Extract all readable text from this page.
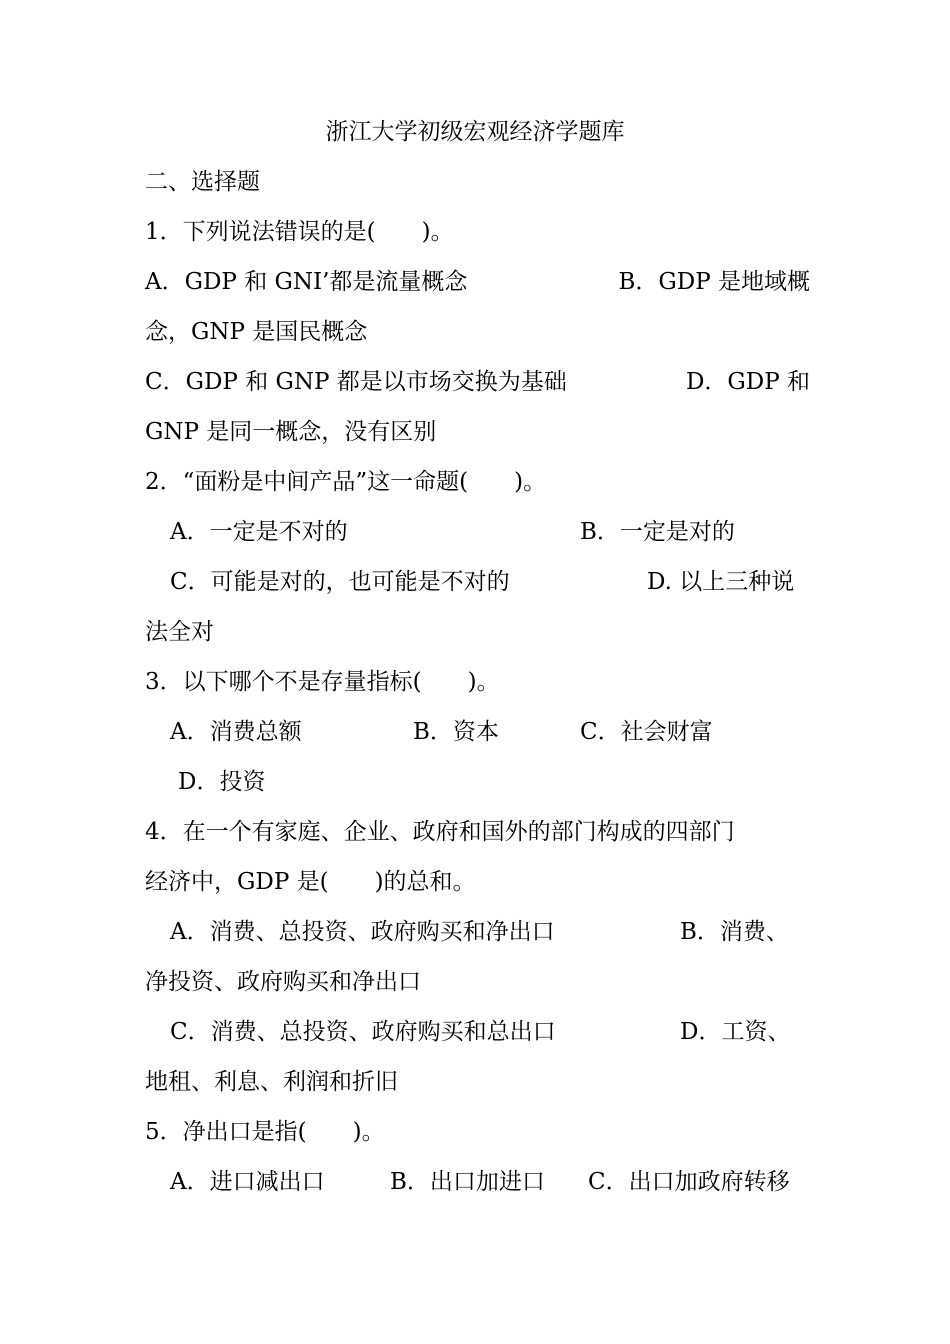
浙江大学初级宏观经济学题库
二、选择题
1．下列说法错误的是(　　)。
A．GDP 和 GNI’都是流量概念	B．GDP 是地域概
念，GNP 是国民概念
C．GDP 和 GNP 都是以市场交换为基础	D．GDP 和
GNP 是同一概念，没有区别
2．“面粉是中间产品”这一命题(　　)。
A．一定是不对的	B．一定是对的
C．可能是对的，也可能是不对的	D. 以上三种说
法全对
3．以下哪个不是存量指标(　　)。
A．消费总额	B．资本	C．社会财富
D．投资
4．在一个有家庭、企业、政府和国外的部门构成的四部门
经济中，GDP 是(　　)的总和。
A．消费、总投资、政府购买和净出口	B．消费、
净投资、政府购买和净出口
C．消费、总投资、政府购买和总出口	D．工资、
地租、利息、利润和折旧
5．净出口是指(　　)。
A．进口减出口	B．出口加进口 C．出口加政府转移
